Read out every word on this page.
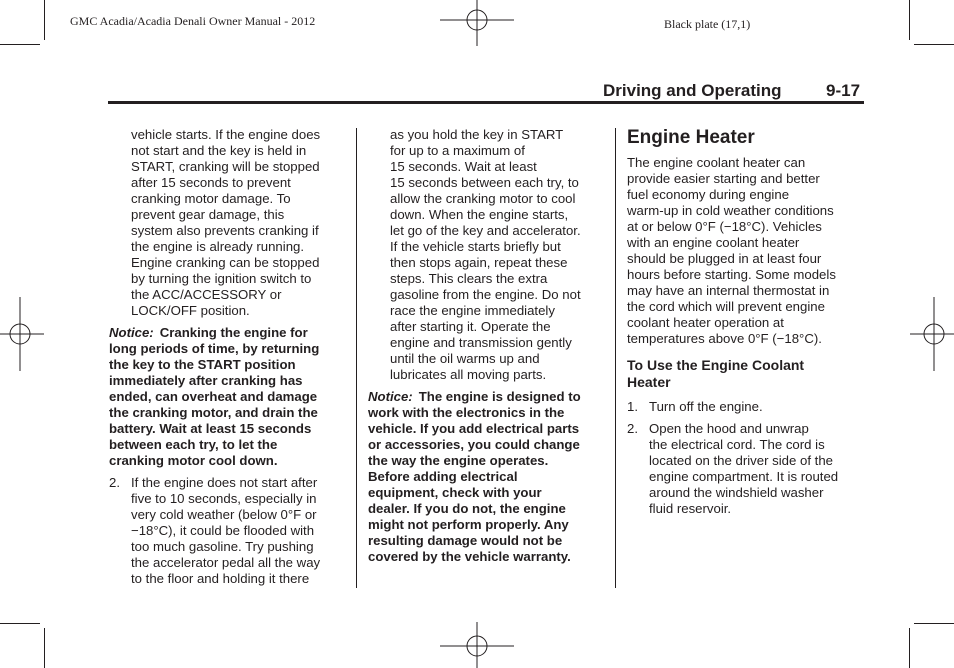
GMC Acadia/Acadia Denali Owner Manual - 2012	Black plate (17,1)
Driving and Operating	9-17
vehicle starts. If the engine does
not start and the key is held in
START, cranking will be stopped
after 15 seconds to prevent
cranking motor damage. To
prevent gear damage, this
system also prevents cranking if
the engine is already running.
Engine cranking can be stopped
by turning the ignition switch to
the ACC/ACCESSORY or
LOCK/OFF position.
Notice: Cranking the engine for
long periods of time, by returning
the key to the START position
immediately after cranking has
ended, can overheat and damage
the cranking motor, and drain the
battery. Wait at least 15 seconds
between each try, to let the
cranking motor cool down.
2. If the engine does not start after
five to 10 seconds, especially in
very cold weather (below 0°F or
−18°C), it could be flooded with
too much gasoline. Try pushing
the accelerator pedal all the way
to the floor and holding it there
as you hold the key in START
for up to a maximum of
15 seconds. Wait at least
15 seconds between each try, to
allow the cranking motor to cool
down. When the engine starts,
let go of the key and accelerator.
If the vehicle starts briefly but
then stops again, repeat these
steps. This clears the extra
gasoline from the engine. Do not
race the engine immediately
after starting it. Operate the
engine and transmission gently
until the oil warms up and
lubricates all moving parts.
Notice: The engine is designed to
work with the electronics in the
vehicle. If you add electrical parts
or accessories, you could change
the way the engine operates.
Before adding electrical
equipment, check with your
dealer. If you do not, the engine
might not perform properly. Any
resulting damage would not be
covered by the vehicle warranty.
Engine Heater
The engine coolant heater can
provide easier starting and better
fuel economy during engine
warm-up in cold weather conditions
at or below 0°F (−18°C). Vehicles
with an engine coolant heater
should be plugged in at least four
hours before starting. Some models
may have an internal thermostat in
the cord which will prevent engine
coolant heater operation at
temperatures above 0°F (−18°C).
To Use the Engine Coolant
Heater
1. Turn off the engine.
2. Open the hood and unwrap
the electrical cord. The cord is
located on the driver side of the
engine compartment. It is routed
around the windshield washer
fluid reservoir.
